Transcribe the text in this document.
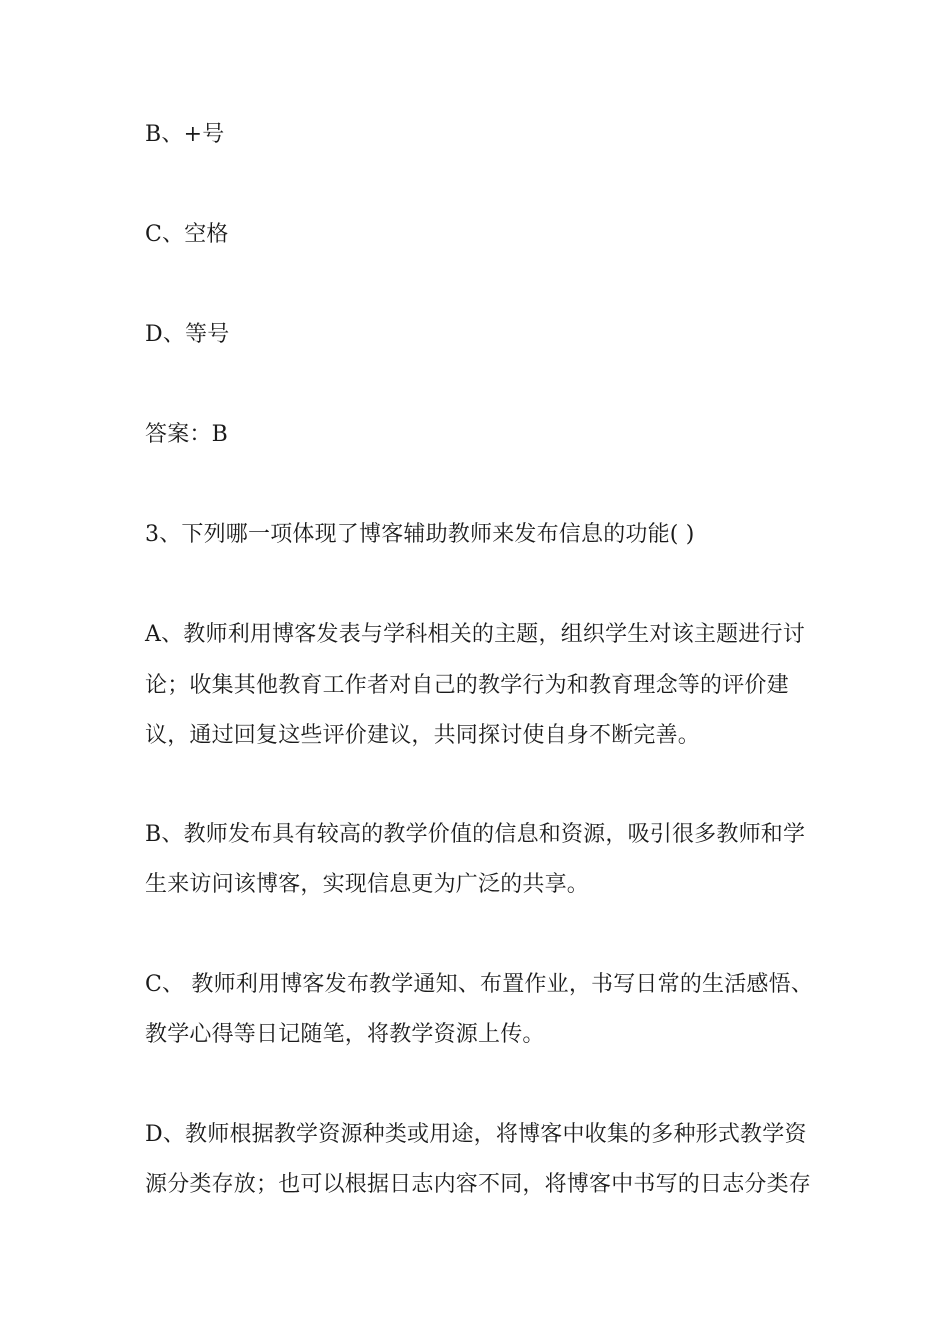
B、+号
C、空格
D、等号
答案：B
3、下列哪一项体现了博客辅助教师来发布信息的功能( )
A、教师利用博客发表与学科相关的主题，组织学生对该主题进行讨
论；收集其他教育工作者对自己的教学行为和教育理念等的评价建
议，通过回复这些评价建议，共同探讨使自身不断完善。
B、教师发布具有较高的教学价值的信息和资源，吸引很多教师和学
生来访问该博客，实现信息更为广泛的共享。
C、 教师利用博客发布教学通知、布置作业，书写日常的生活感悟、
教学心得等日记随笔，将教学资源上传。
D、教师根据教学资源种类或用途，将博客中收集的多种形式教学资
源分类存放；也可以根据日志内容不同，将博客中书写的日志分类存
